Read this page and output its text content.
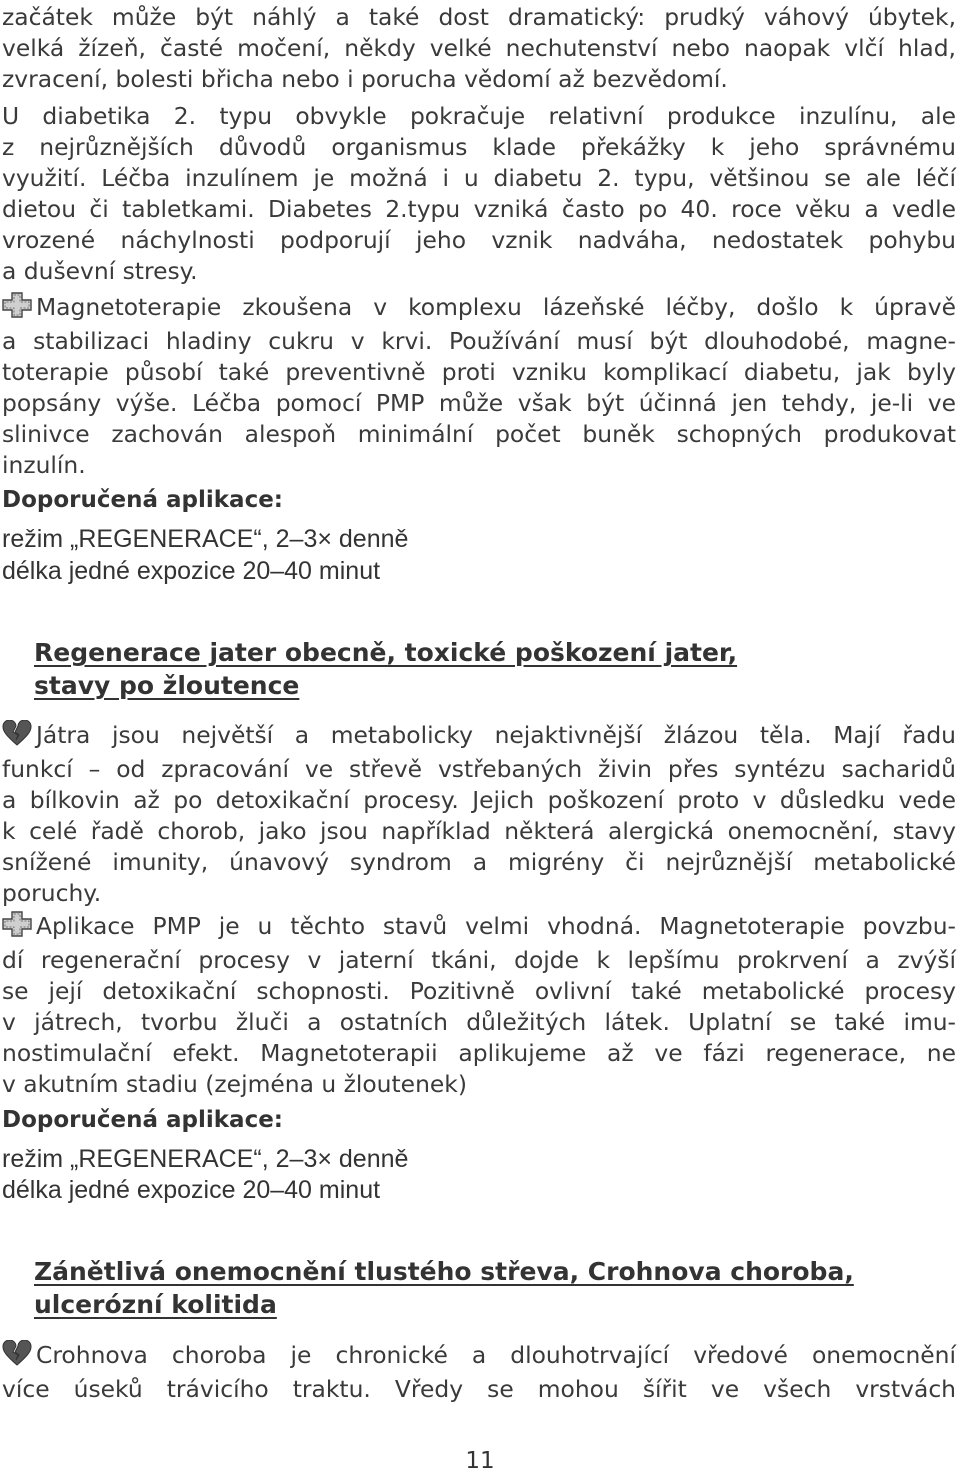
začátek může být náhlý a také dost dramatický: prudký váhový úbytek,
velká žízeň, časté močení, někdy velké nechutenství nebo naopak vlčí hlad,
zvracení, bolesti břicha nebo i porucha vědomí až bezvědomí.

U diabetika 2. typu obvykle pokračuje relativní produkce inzulínu, ale
z nejrůznějších důvodů organismus klade překážky k jeho správnému
využití. Léčba inzulínem je možná i u diabetu 2. typu, většinou se ale léčí
dietou či tabletkami. Diabetes 2.typu vzniká často po 40. roce věku a vedle
vrozené náchylnosti podporují jeho vznik nadváha, nedostatek pohybu
a duševní stresy.

Magnetoterapie zkoušena v komplexu lázeňské léčby, došlo k úpravě
a stabilizaci hladiny cukru v krvi. Používání musí být dlouhodobé, magne-
toterapie působí také preventivně proti vzniku komplikací diabetu, jak byly
popsány výše. Léčba pomocí PMP může však být účinná jen tehdy, je-li ve
slinivce zachován alespoň minimální počet buněk schopných produkovat
inzulín.
Doporučená aplikace:
režim „REGENERACE“, 2–3× denně
délka jedné expozice 20–40 minut
Regenerace jater obecně, toxické poškození jater,
stavy po žloutence
Játra jsou největší a metabolicky nejaktivnější žlázou těla. Mají řadu
funkcí – od zpracování ve střevě vstřebaných živin přes syntézu sacharidů
a bílkovin až po detoxikační procesy. Jejich poškození proto v důsledku vede
k celé řadě chorob, jako jsou například některá alergická onemocnění, stavy
snížené imunity, únavový syndrom a migrény či nejrůznější metabolické
poruchy.
Aplikace PMP je u těchto stavů velmi vhodná. Magnetoterapie povzbu-
dí regenerační procesy v jaterní tkáni, dojde k lepšímu prokrvení a zvýší
se její detoxikační schopnosti. Pozitivně ovlivní také metabolické procesy
v játrech, tvorbu žluči a ostatních důležitých látek. Uplatní se také imu-
nostimulační efekt. Magnetoterapii aplikujeme až ve fázi regenerace, ne
v akutním stadiu (zejména u žloutenek)
Doporučená aplikace:
režim „REGENERACE“, 2–3× denně
délka jedné expozice 20–40 minut
Zánětlivá onemocnění tlustého střeva, Crohnova choroba,
ulcerózní kolitida
Crohnova choroba je chronické a dlouhotrvající vředové onemocnění
více úseků trávicího traktu. Vředy se mohou šířit ve všech vrstvách
11
